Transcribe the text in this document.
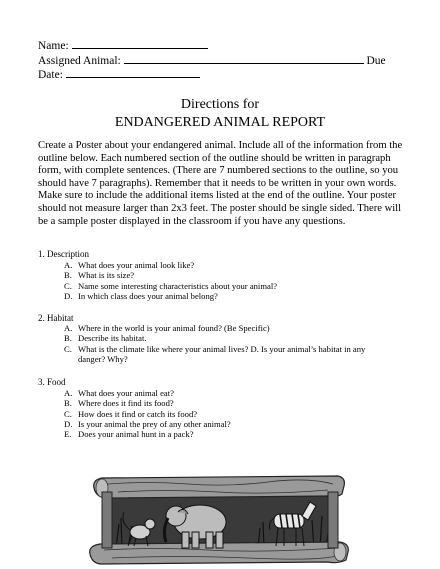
Name:
Assigned Animal:	Due
Date:
Directions for
ENDANGERED ANIMAL REPORT
Create a Poster about your endangered animal. Include all of the information from the
outline below. Each numbered section of the outline should be written in paragraph
form, with complete sentences. (There are 7 numbered sections to the outline, so you
should have 7 paragraphs). Remember that it needs to be written in your own words.
Make sure to include the additional items listed at the end of the outline. Your poster
should not measure larger than 2x3 feet. The poster should be single sided. There will
be a sample poster displayed in the classroom if you have any questions.
1. Description
A. What does your animal look like?
B. What is its size?
C. Name some interesting characteristics about your animal?
D. In which class does your animal belong?
2. Habitat
A. Where in the world is your animal found? (Be Specific)
B. Describe its habitat.
C. What is the climate like where your animal lives? D. Is your animal’s habitat in any danger? Why?
3. Food
A. What does your animal eat?
B. Where does it find its food?
C. How does it find or catch its food?
D. Is your animal the prey of any other animal?
E. Does your animal hunt in a pack?
